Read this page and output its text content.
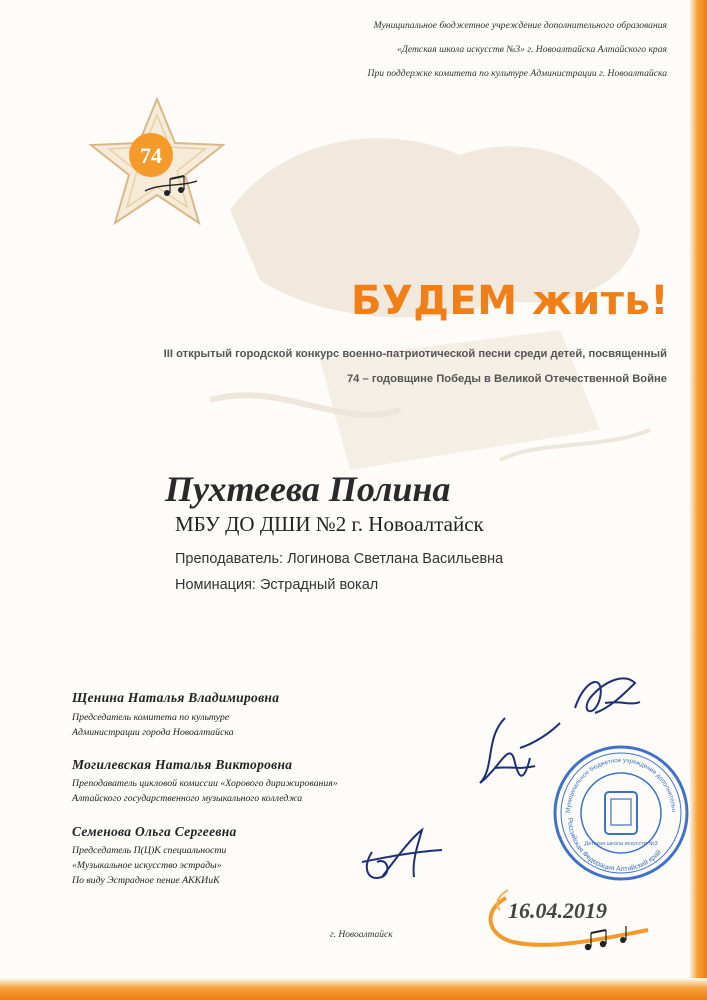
Муниципальное бюджетное учреждение дополнительного образования
«Детская школа искусств №3» г. Новоалтайска Алтайского края
При поддержке комитета по культуре Администрации г. Новоалтайска
74
БУДЕМ жить!
III открытый городской конкурс военно-патриотической песни среди детей, посвященный
74 – годовщине Победы в Великой Отечественной Войне
Пухтеева Полина
МБУ ДО ДШИ №2 г. Новоалтайск
Преподаватель: Логинова Светлана Васильевна
Номинация: Эстрадный вокал
Щенина Наталья Владимировна
Председатель комитета по культуре
Администрации города Новоалтайска
Могилевская Наталья Викторовна
Преподаватель цикловой комиссии «Хорового дирижирования»
Алтайского государственного музыкального колледжа
Семенова Ольга Сергеевна
Председатель П(Ц)К специальности
«Музыкальное искусство эстрады»
По виду Эстрадное пение АККИиК
Муниципальное бюджетное учреждение дополнительн
Российская Федерация Алтайский край
Детская школа искусств №3
16.04.2019
г. Новоалтайск
